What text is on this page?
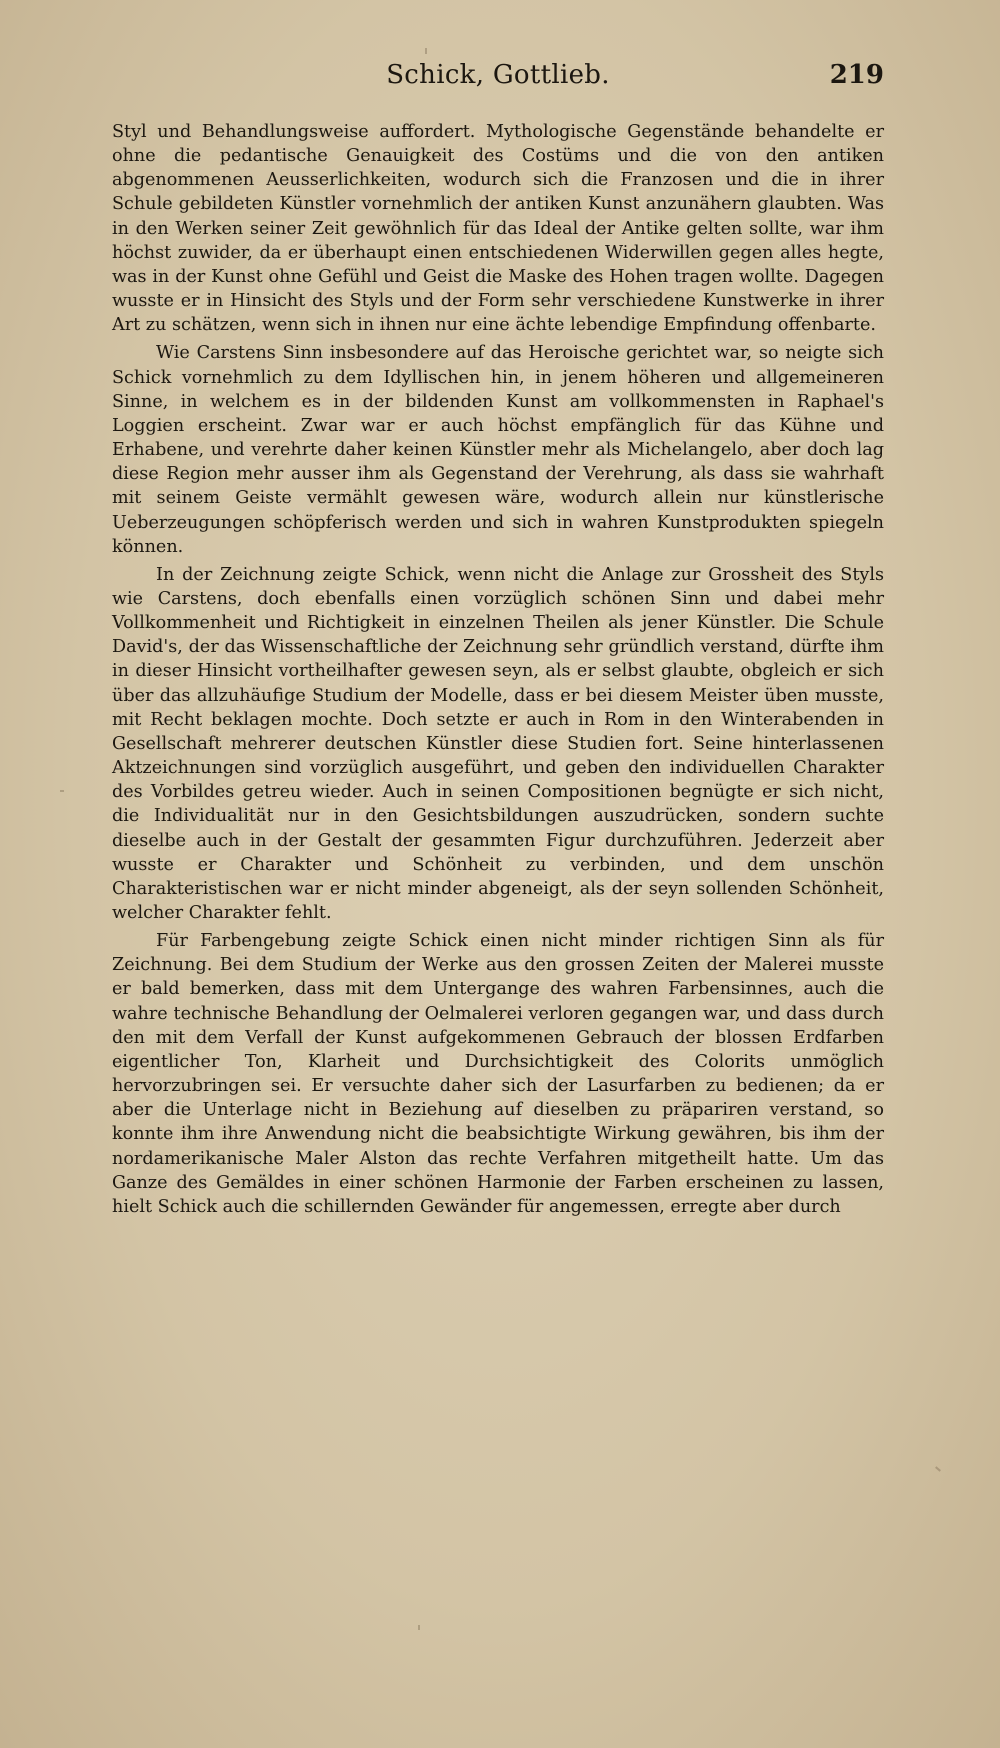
Schick, Gottlieb.	219

Styl und Behandlungsweise auffordert. Mythologische Gegenstände behandelte er ohne die pedantische Genauigkeit des Costüms und die von den antiken abgenommenen Aeusserlichkeiten, wodurch sich die Franzosen und die in ihrer Schule gebildeten Künstler vornehmlich der antiken Kunst anzunähern glaubten. Was in den Werken seiner Zeit gewöhnlich für das Ideal der Antike gelten sollte, war ihm höchst zuwider, da er überhaupt einen entschiedenen Widerwillen gegen alles hegte, was in der Kunst ohne Gefühl und Geist die Maske des Hohen tragen wollte. Dagegen wusste er in Hinsicht des Styls und der Form sehr verschiedene Kunstwerke in ihrer Art zu schätzen, wenn sich in ihnen nur eine ächte lebendige Empfindung offenbarte.

Wie Carstens Sinn insbesondere auf das Heroische gerichtet war, so neigte sich Schick vornehmlich zu dem Idyllischen hin, in jenem höheren und allgemeineren Sinne, in welchem es in der bildenden Kunst am vollkommensten in Raphael's Loggien erscheint. Zwar war er auch höchst empfänglich für das Kühne und Erhabene, und verehrte daher keinen Künstler mehr als Michelangelo, aber doch lag diese Region mehr ausser ihm als Gegenstand der Verehrung, als dass sie wahrhaft mit seinem Geiste vermählt gewesen wäre, wodurch allein nur künstlerische Ueberzeugungen schöpferisch werden und sich in wahren Kunstprodukten spiegeln können.

In der Zeichnung zeigte Schick, wenn nicht die Anlage zur Grossheit des Styls wie Carstens, doch ebenfalls einen vorzüglich schönen Sinn und dabei mehr Vollkommenheit und Richtigkeit in einzelnen Theilen als jener Künstler. Die Schule David's, der das Wissenschaftliche der Zeichnung sehr gründlich verstand, dürfte ihm in dieser Hinsicht vortheilhafter gewesen seyn, als er selbst glaubte, obgleich er sich über das allzuhäufige Studium der Modelle, dass er bei diesem Meister üben musste, mit Recht beklagen mochte. Doch setzte er auch in Rom in den Winterabenden in Gesellschaft mehrerer deutschen Künstler diese Studien fort. Seine hinterlassenen Aktzeichnungen sind vorzüglich ausgeführt, und geben den individuellen Charakter des Vorbildes getreu wieder. Auch in seinen Compositionen begnügte er sich nicht, die Individualität nur in den Gesichtsbildungen auszudrücken, sondern suchte dieselbe auch in der Gestalt der gesammten Figur durchzuführen. Jederzeit aber wusste er Charakter und Schönheit zu verbinden, und dem unschön Charakteristischen war er nicht minder abgeneigt, als der seyn sollenden Schönheit, welcher Charakter fehlt.

Für Farbengebung zeigte Schick einen nicht minder richtigen Sinn als für Zeichnung. Bei dem Studium der Werke aus den grossen Zeiten der Malerei musste er bald bemerken, dass mit dem Untergange des wahren Farbensinnes, auch die wahre technische Behandlung der Oelmalerei verloren gegangen war, und dass durch den mit dem Verfall der Kunst aufgekommenen Gebrauch der blossen Erdfarben eigentlicher Ton, Klarheit und Durchsichtigkeit des Colorits unmöglich hervorzubringen sei. Er versuchte daher sich der Lasurfarben zu bedienen; da er aber die Unterlage nicht in Beziehung auf dieselben zu präpariren verstand, so konnte ihm ihre Anwendung nicht die beabsichtigte Wirkung gewähren, bis ihm der nordamerikanische Maler Alston das rechte Verfahren mitgetheilt hatte. Um das Ganze des Gemäldes in einer schönen Harmonie der Farben erscheinen zu lassen, hielt Schick auch die schillernden Gewänder für angemessen, erregte aber durch
